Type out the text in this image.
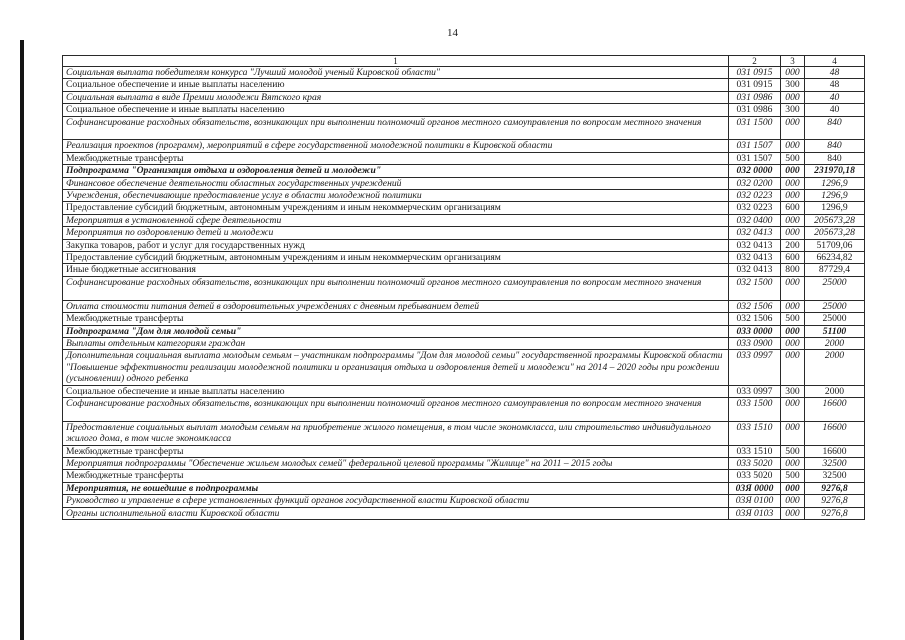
14
1	2	3	4
Социальная выплата победителям конкурса "Лучший молодой ученый Кировской области"	031 0915	000	48
Социальное обеспечение и иные выплаты населению	031 0915	300	48
Социальная выплата в виде Премии молодежи Вятского края	031 0986	000	40
Социальное обеспечение и иные выплаты населению	031 0986	300	40
Софинансирование расходных обязательств, возникающих при выполнении полномочий органов местного самоуправления по вопросам местного значения	031 1500	000	840
Реализация проектов (программ), мероприятий в сфере государственной молодежной политики в Кировской области	031 1507	000	840
Межбюджетные трансферты	031 1507	500	840
Подпрограмма "Организация отдыха и оздоровления детей и молодежи"	032 0000	000	231970,18
Финансовое обеспечение деятельности областных государственных учреждений	032 0200	000	1296,9
Учреждения, обеспечивающие предоставление услуг в области молодежной политики	032 0223	000	1296,9
Предоставление субсидий бюджетным, автономным учреждениям и иным некоммерческим организациям	032 0223	600	1296,9
Мероприятия в установленной сфере деятельности	032 0400	000	205673,28
Мероприятия по оздоровлению детей и молодежи	032 0413	000	205673,28
Закупка товаров, работ и услуг для государственных нужд	032 0413	200	51709,06
Предоставление субсидий бюджетным, автономным учреждениям и иным некоммерческим организациям	032 0413	600	66234,82
Иные бюджетные ассигнования	032 0413	800	87729,4
Софинансирование расходных обязательств, возникающих при выполнении полномочий органов местного самоуправления по вопросам местного значения	032 1500	000	25000
Оплата стоимости питания детей в оздоровительных учреждениях с дневным пребыванием детей	032 1506	000	25000
Межбюджетные трансферты	032 1506	500	25000
Подпрограмма "Дом для молодой семьи"	033 0000	000	51100
Выплаты отдельным категориям граждан	033 0900	000	2000
Дополнительная социальная выплата молодым семьям – участникам подпрограммы "Дом для молодой семьи" государственной программы Кировской области "Повышение эффективности реализации молодежной политики и организация отдыха и оздоровления детей и молодежи" на 2014 – 2020 годы при рождении (усыновлении) одного ребенка	033 0997	000	2000
Социальное обеспечение и иные выплаты населению	033 0997	300	2000
Софинансирование расходных обязательств, возникающих при выполнении полномочий органов местного самоуправления по вопросам местного значения	033 1500	000	16600
Предоставление социальных выплат молодым семьям на приобретение жилого помещения, в том числе экономкласса, или строительство индивидуального жилого дома, в том числе экономкласса	033 1510	000	16600
Межбюджетные трансферты	033 1510	500	16600
Мероприятия подпрограммы "Обеспечение жильем молодых семей" федеральной целевой программы "Жилище" на 2011 – 2015 годы	033 5020	000	32500
Межбюджетные трансферты	033 5020	500	32500
Мероприятия, не вошедшие в подпрограммы	03Я 0000	000	9276,8
Руководство и управление в сфере установленных функций органов государственной власти Кировской области	03Я 0100	000	9276,8
Органы исполнительной власти Кировской области	03Я 0103	000	9276,8
